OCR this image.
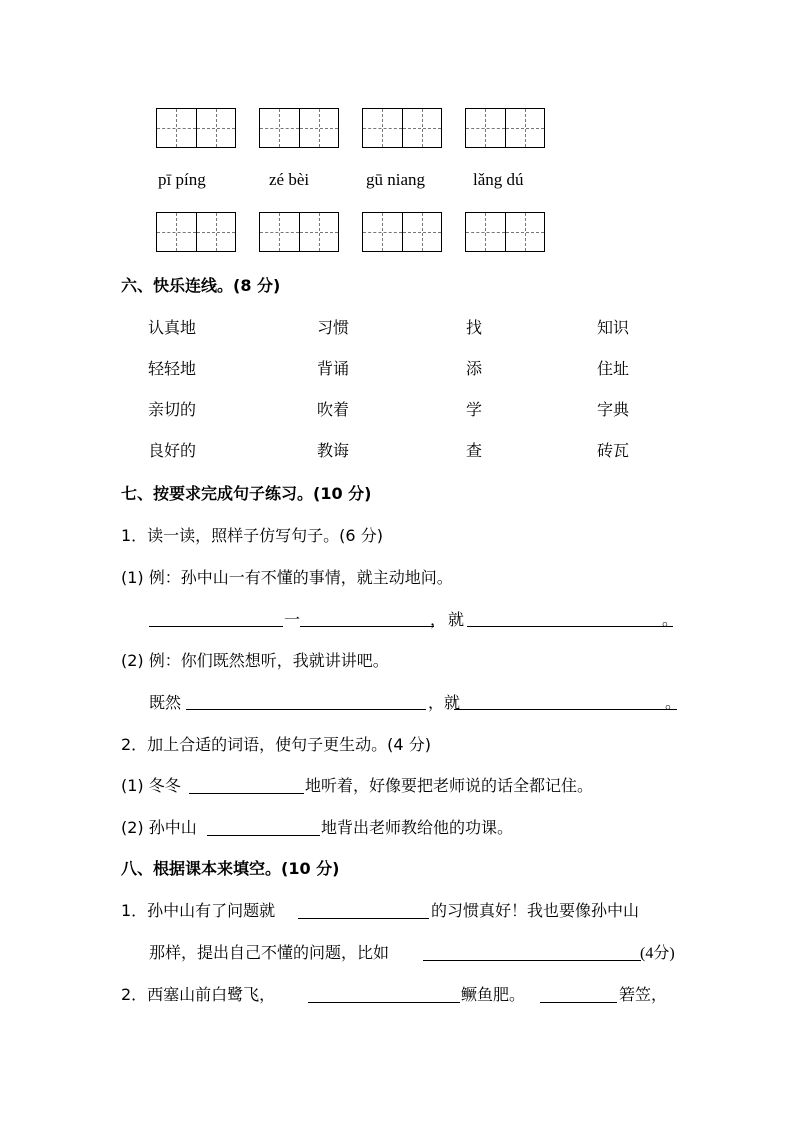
pī píng	zé bèi	gū niang	lǎng dú
六、快乐连线。(8 分)
认真地	习惯	找	知识
轻轻地	背诵	添	住址
亲切的	吹着	学	字典
良好的	教诲	查	砖瓦
七、按要求完成句子练习。(10 分)
1．读一读，照样子仿写句子。(6 分)
(1) 例：孙中山一有不懂的事情，就主动地问。
一	， 就	。
(2) 例：你们既然想听，我就讲讲吧。
既然	，就	。
2．加上合适的词语，使句子更生动。(4 分)
(1) 冬冬	地听着，好像要把老师说的话全都记住。
(2) 孙中山	地背出老师教给他的功课。
八、根据课本来填空。(10 分)
1．孙中山有了问题就	的习惯真好！我也要像孙中山
那样，提出自己不懂的问题，比如	(4分)
2．西塞山前白鹭飞，	鳜鱼肥。	箬笠，
